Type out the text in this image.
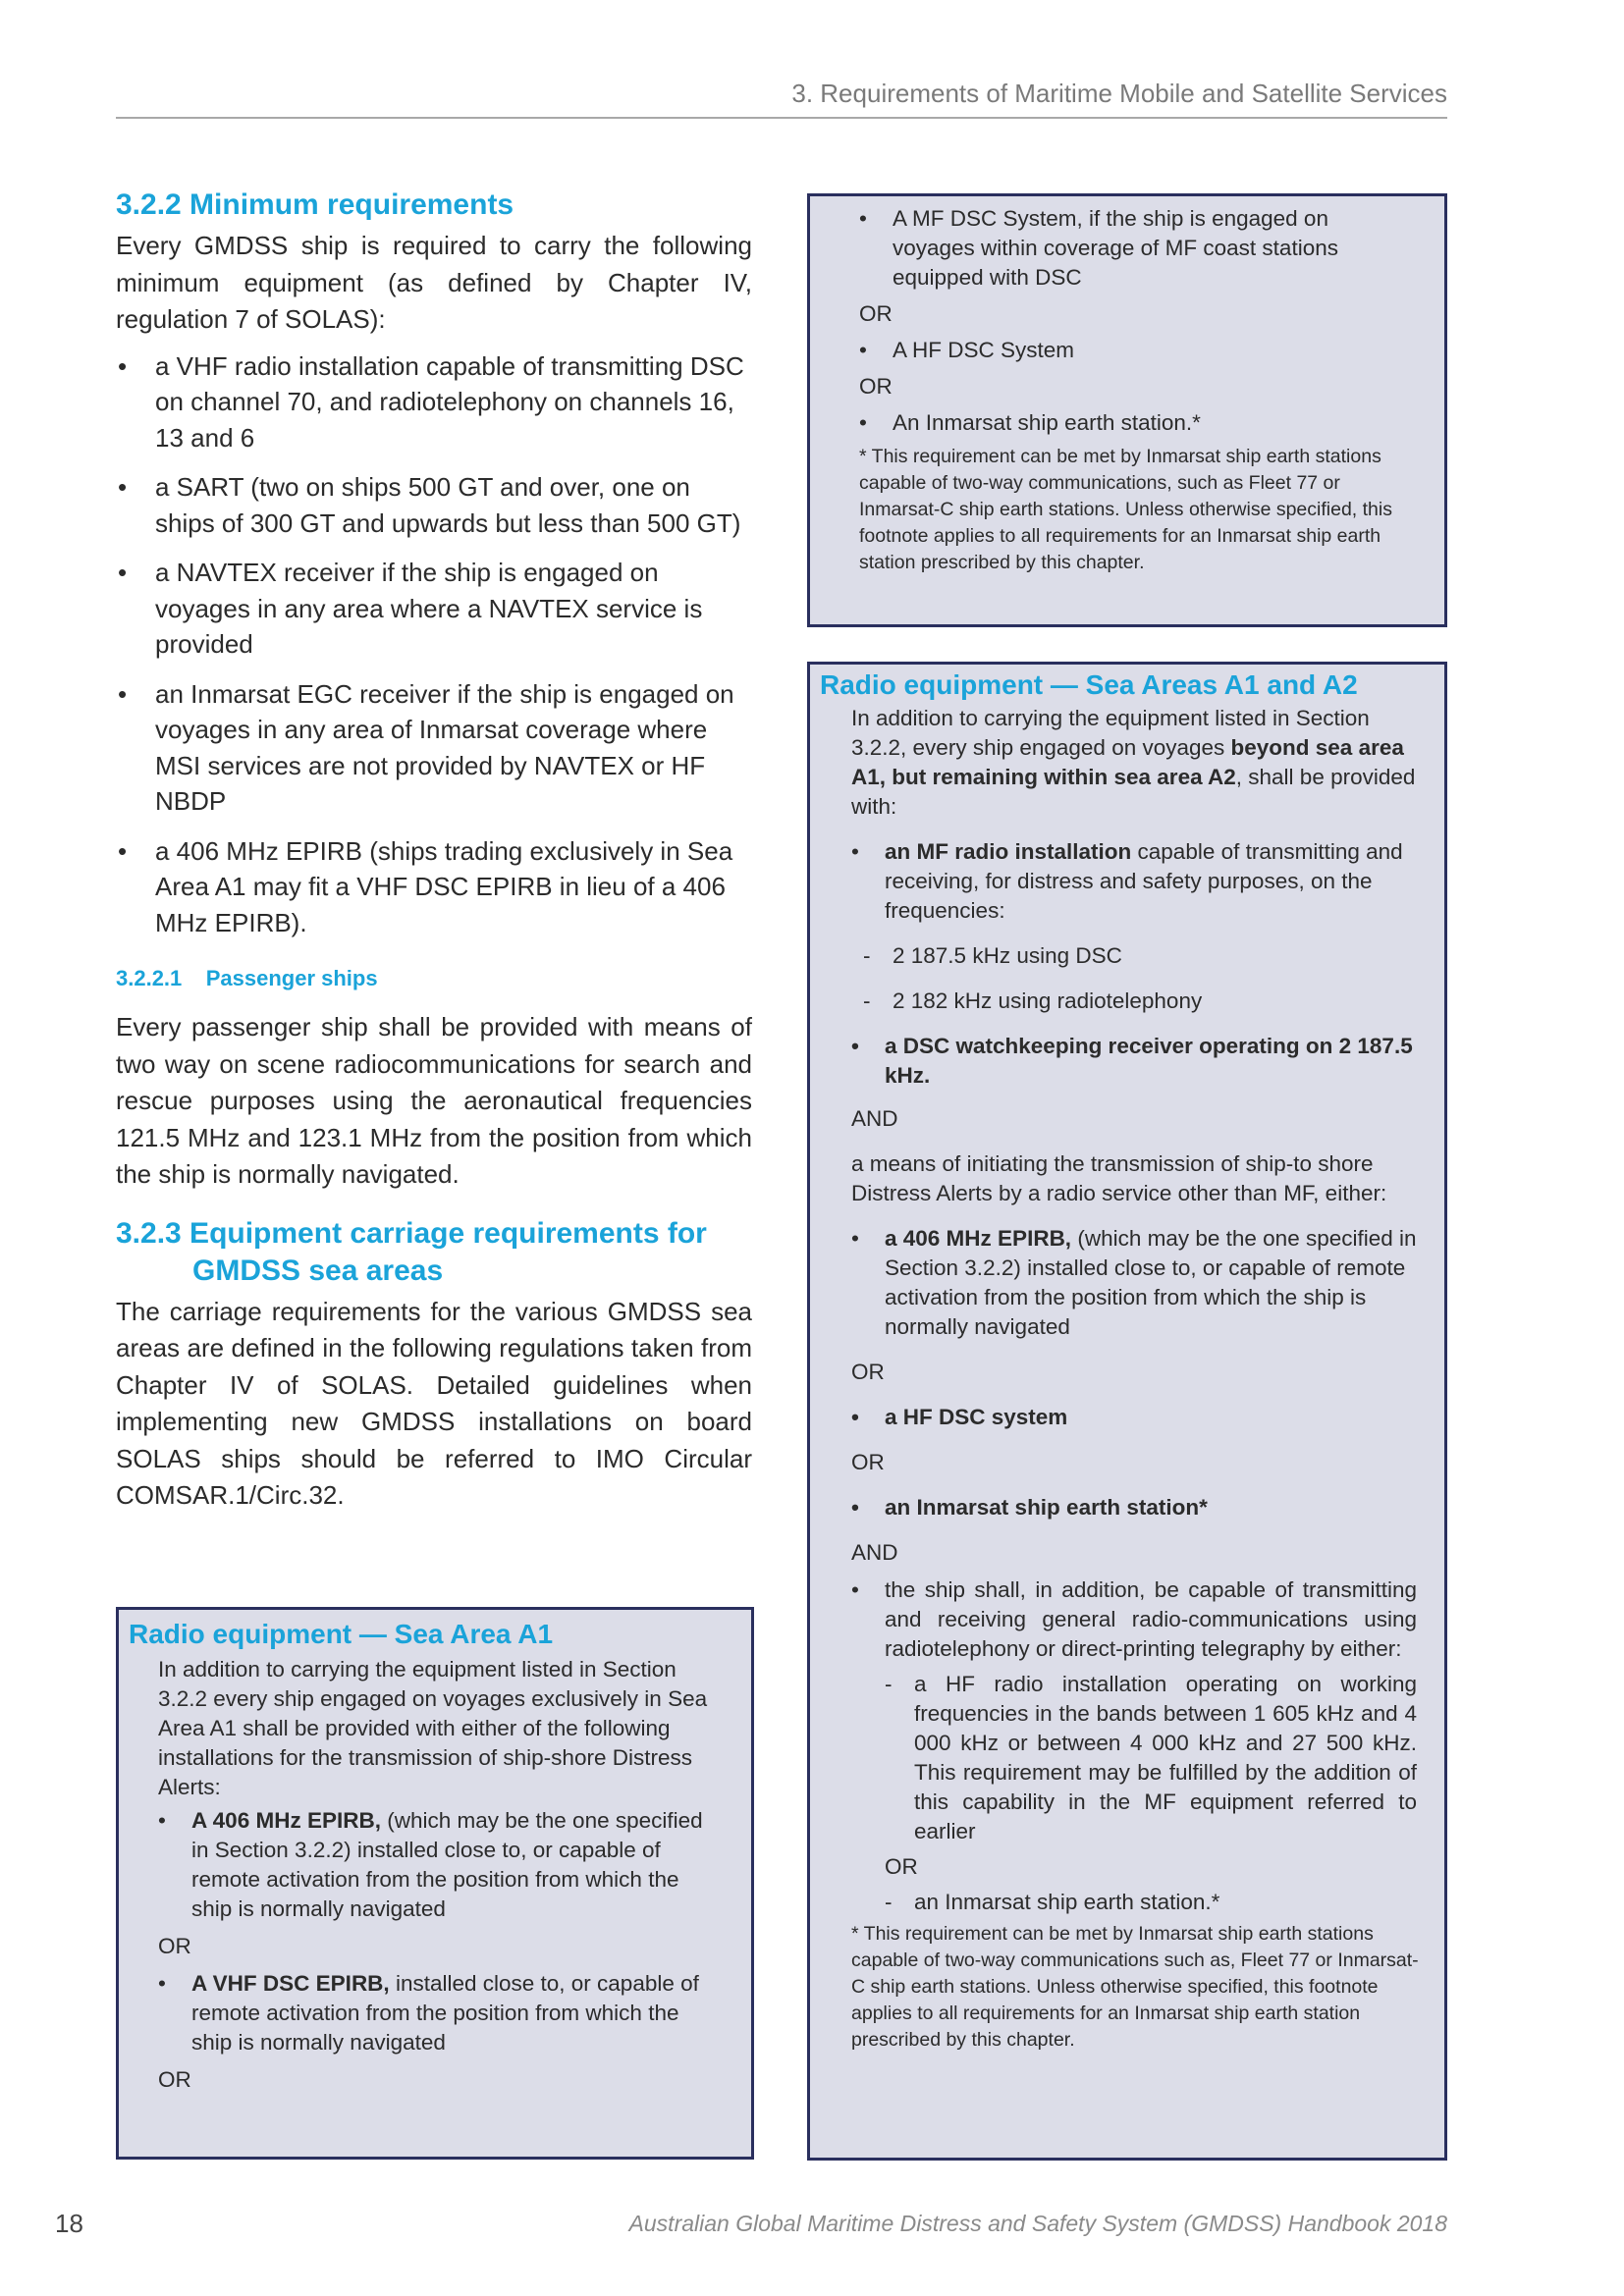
3. Requirements of Maritime Mobile and Satellite Services
3.2.2 Minimum requirements

Every GMDSS ship is required to carry the following minimum equipment (as defined by Chapter IV, regulation 7 of SOLAS):

• a VHF radio installation capable of transmitting DSC on channel 70, and radiotelephony on channels 16, 13 and 6
• a SART (two on ships 500 GT and over, one on ships of 300 GT and upwards but less than 500 GT)
• a NAVTEX receiver if the ship is engaged on voyages in any area where a NAVTEX service is provided
• an Inmarsat EGC receiver if the ship is engaged on voyages in any area of Inmarsat coverage where MSI services are not provided by NAVTEX or HF NBDP
• a 406 MHz EPIRB (ships trading exclusively in Sea Area A1 may fit a VHF DSC EPIRB in lieu of a 406 MHz EPIRB).
3.2.2.1    Passenger ships

Every passenger ship shall be provided with means of two way on scene radiocommunications for search and rescue purposes using the aeronautical frequencies 121.5 MHz and 123.1 MHz from the position from which the ship is normally navigated.

3.2.3 Equipment carriage requirements for
GMDSS sea areas

The carriage requirements for the various GMDSS sea areas are defined in the following regulations taken from Chapter IV of SOLAS. Detailed guidelines when implementing new GMDSS installations on board SOLAS ships should be referred to IMO Circular COMSAR.1/Circ.32.

Radio equipment — Sea Area A1

In addition to carrying the equipment listed in Section 3.2.2 every ship engaged on voyages exclusively in Sea Area A1 shall be provided with either of the following installations for the transmission of ship-shore Distress Alerts:

• A 406 MHz EPIRB, (which may be the one specified in Section 3.2.2) installed close to, or capable of remote activation from the position from which the ship is normally navigated

OR

• A VHF DSC EPIRB, installed close to, or capable of remote activation from the position from which the ship is normally navigated

OR

• A MF DSC System, if the ship is engaged on voyages within coverage of MF coast stations equipped with DSC

OR

• A HF DSC System

OR

• An Inmarsat ship earth station.*

* This requirement can be met by Inmarsat ship earth stations capable of two-way communications, such as Fleet 77 or Inmarsat-C ship earth stations. Unless otherwise specified, this footnote applies to all requirements for an Inmarsat ship earth station prescribed by this chapter.

Radio equipment — Sea Areas A1 and A2

In addition to carrying the equipment listed in Section 3.2.2, every ship engaged on voyages beyond sea area A1, but remaining within sea area A2, shall be provided with:

• an MF radio installation capable of transmitting and receiving, for distress and safety purposes, on the frequencies:
- 2 187.5 kHz using DSC
- 2 182 kHz using radiotelephony
• a DSC watchkeeping receiver operating on 2 187.5 kHz.

AND

a means of initiating the transmission of ship-to shore Distress Alerts by a radio service other than MF, either:

• a 406 MHz EPIRB, (which may be the one specified in Section 3.2.2) installed close to, or capable of remote activation from the position from which the ship is normally navigated

OR

• a HF DSC system

OR

• an Inmarsat ship earth station*

AND

• the ship shall, in addition, be capable of transmitting and receiving general radio-communications using radiotelephony or direct-printing telegraphy by either:
- a HF radio installation operating on working frequencies in the bands between 1 605 kHz and 4 000 kHz or between 4 000 kHz and 27 500 kHz. This requirement may be fulfilled by the addition of this capability in the MF equipment referred to earlier

OR

- an Inmarsat ship earth station.*

* This requirement can be met by Inmarsat ship earth stations capable of two-way communications such as, Fleet 77 or Inmarsat-C ship earth stations. Unless otherwise specified, this footnote applies to all requirements for an Inmarsat ship earth station prescribed by this chapter.

18	Australian Global Maritime Distress and Safety System (GMDSS) Handbook 2018
